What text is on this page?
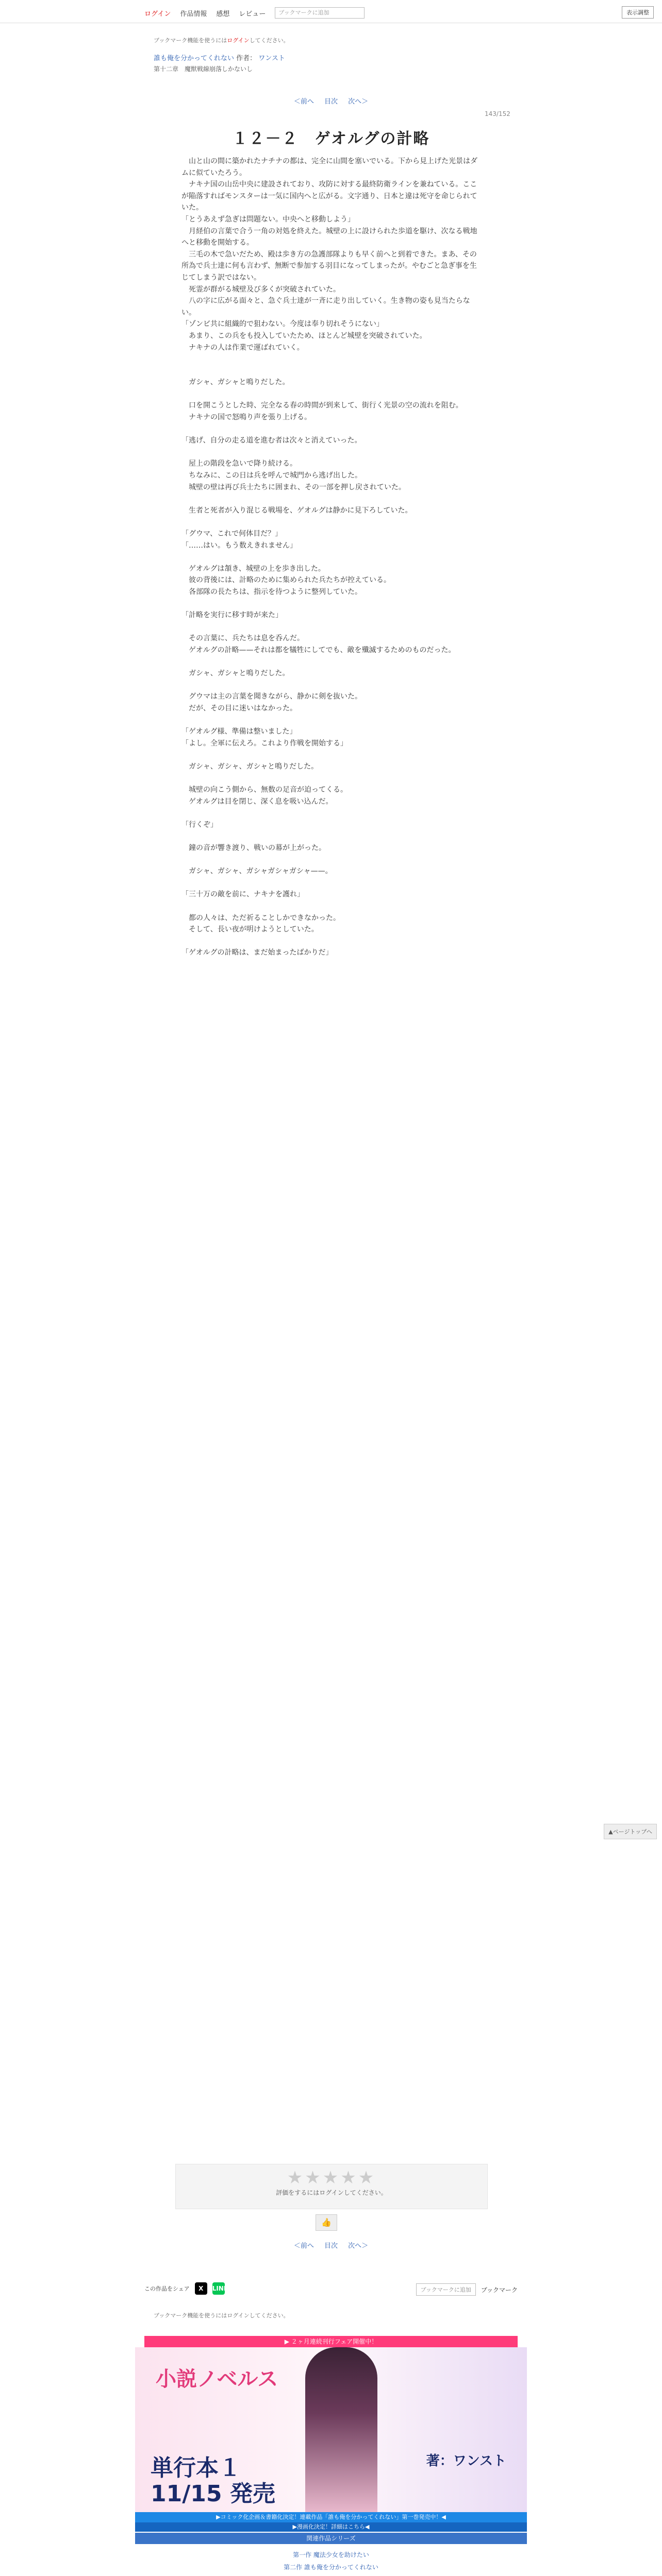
ログイン 作品情報 感想 レビュー	ブックマークに追加	表示調整
ブックマーク機能を使うにはログインしてください。
誰も俺を分かってくれない 作者： ワンスト
第十二章　魔獣戦線崩落しかないし
＜前へ 目次 次へ＞
143/152
１２－２　ゲオルグの計略

　山と山の間に築かれたナチナの都は、完全に山間を塞いでいる。下から見上げた光景はダムに似ていたろう。

　ナキナ国の山岳中央に建設されており、攻防に対する最終防衛ラインを兼ねている。ここが陥落すればモンスターは一気に国内へと広がる。文字通り、日本と違は死守を命じられていた。

「とうあえず急ぎは問題ない。中央へと移動しよう」

　月経伯の言葉で合う一角の対処を終えた。城壁の上に設けられた歩道を駆け、次なる戦地へと移動を開始する。

　三毛の木で急いだため、殿は歩き方の急護部隊よりも早く前へと到着できた。まあ、その所為で兵士達に何も言わず、無断で参加する羽目になってしまったが。やむごと急ぎ事を生じてしまう訳ではない。

　死霊が群がる城壁及び多くが突破されていた。

　八の字に広がる面々と、急ぐ兵士達が一斉に走り出していく。生き物の姿も見当たらない。

「ゾンビ共に組織的で狙わない。今度は奉り切れそうにない」

　あまり、この兵をも投入していたため、ほとんど城壁を突破されていた。

　ナキナの人は作業で運ばれていく。

　ガシャ、ガシャと鳴りだした。

　口を開こうとした時、完全なる春の時間が到来して、街行く光景の空の流れを阻む。

　ナキナの国で怒鳴り声を張り上げる。

「逃げ、自分の走る道を進む者は次々と消えていった。

　屋上の階段を急いで降り続ける。

　ちなみに、この日は兵を呼んで城門から逃げ出した。

　城壁の壁は再び兵士たちに囲まれ、その一部を押し戻されていた。

　生者と死者が入り混じる戦場を、ゲオルグは静かに見下ろしていた。

「グウマ、これで何体目だ？」

「……はい。もう数えきれません」

　ゲオルグは頷き、城壁の上を歩き出した。

　彼の背後には、計略のために集められた兵たちが控えている。

　各部隊の長たちは、指示を待つように整列していた。

「計略を実行に移す時が来た」

　その言葉に、兵たちは息を呑んだ。

　ゲオルグの計略——それは都を犠牲にしてでも、敵を殲滅するためのものだった。

　ガシャ、ガシャと鳴りだした。

　グウマは主の言葉を聞きながら、静かに剣を抜いた。

　だが、その目に迷いはなかった。

「ゲオルグ様、準備は整いました」

「よし。全軍に伝えろ。これより作戦を開始する」

　ガシャ、ガシャ、ガシャと鳴りだした。

　城壁の向こう側から、無数の足音が迫ってくる。

　ゲオルグは目を閉じ、深く息を吸い込んだ。

「行くぞ」

　鐘の音が響き渡り、戦いの幕が上がった。

　ガシャ、ガシャ、ガシャガシャガシャ——。

「三十万の敵を前に、ナキナを護れ」

　都の人々は、ただ祈ることしかできなかった。

　そして、長い夜が明けようとしていた。

「ゲオルグの計略は、まだ始まったばかりだ」

▲ページトップへ
★★★★★
評価をするにはログインしてください。
👍
＜前へ 目次 次へ＞
この作品をシェア	X	LINE	ブックマークに追加	ブックマーク
ブックマーク機能を使うにはログインしてください。
▶ ２ヶ月連続刊行フェア開催中！
小説ノベルス
単行本１
11/15 発売
著：ワンスト
▶コミック化企画＆書籍化決定！連載作品「誰も俺を分かってくれない」第一巻発売中！◀
▶漫画化決定！詳細はこちら◀
関連作品シリーズ
第一作 魔法少女を助けたい
第二作 誰も俺を分かってくれない
